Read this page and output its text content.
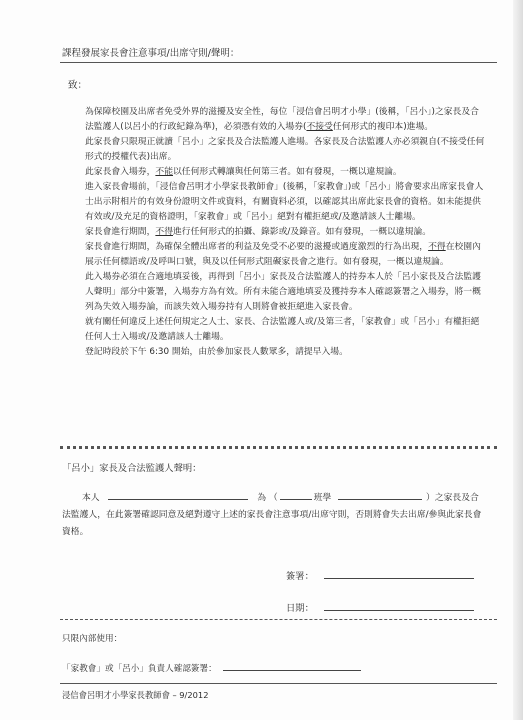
課程發展家長會注意事項/出席守則/聲明：
致：

為保障校園及出席者免受外界的滋擾及安全性，每位「浸信會呂明才小學」(後稱，「呂小」)之家長及合法監護人(以呂小的行政紀錄為準)，必須憑有效的入場券(不接受任何形式的複印本)進場。

此家長會只限現正就讀「呂小」之家長及合法監護人進場。各家長及合法監護人亦必須親自(不接受任何形式的授權代表)出席。

此家長會入場券，不能以任何形式轉讓與任何第三者。如有發現，一概以違規論。

進入家長會場前，「浸信會呂明才小學家長教師會」(後稱，「家教會」)或「呂小」將會要求出席家長會人士出示附相片的有效身份證明文件或資料，有關資料必須，以確認其出席此家長會的資格。如未能提供有效或/及充足的資格證明，「家教會」或「呂小」絕對有權拒絕或/及邀請該人士離場。

家長會進行期間，不得進行任何形式的拍攝、錄影或/及錄音。如有發現，一概以違規論。

家長會進行期間，為確保全體出席者的利益及免受不必要的滋擾或過度激烈的行為出現，不得在校園內展示任何標語或/及呼叫口號，與及以任何形式阻礙家長會之進行。如有發現，一概以違規論。

此入場券必須在合適地填妥後，再得到「呂小」家長及合法監護人的持券本人於「呂小家長及合法監護人聲明」部分中簽署，入場券方為有效。所有未能合適地填妥及獲持券本人確認簽署之入場券，將一概列為失效入場券論，而該失效入場券持有人則將會被拒絕進入家長會。

就有關任何違反上述任何規定之人士、家長、合法監護人或/及第三者，「家教會」或「呂小」有權拒絕任何人士入場或/及邀請該人士離場。

登記時段於下午 6:30 開始，由於參加家長人數眾多，請提早入場。

「呂小」家長及合法監護人聲明：
本人	為 （	班學	）之家長及合法監護人，在此簽署確認同意及絕對遵守上述的家長會注意事項/出席守則，否則將會失去出席/參與此家長會資格。
簽署：
日期：
只限內部使用：
「家教會」或「呂小」負責人確認簽署：
浸信會呂明才小學家長教師會 – 9/2012
